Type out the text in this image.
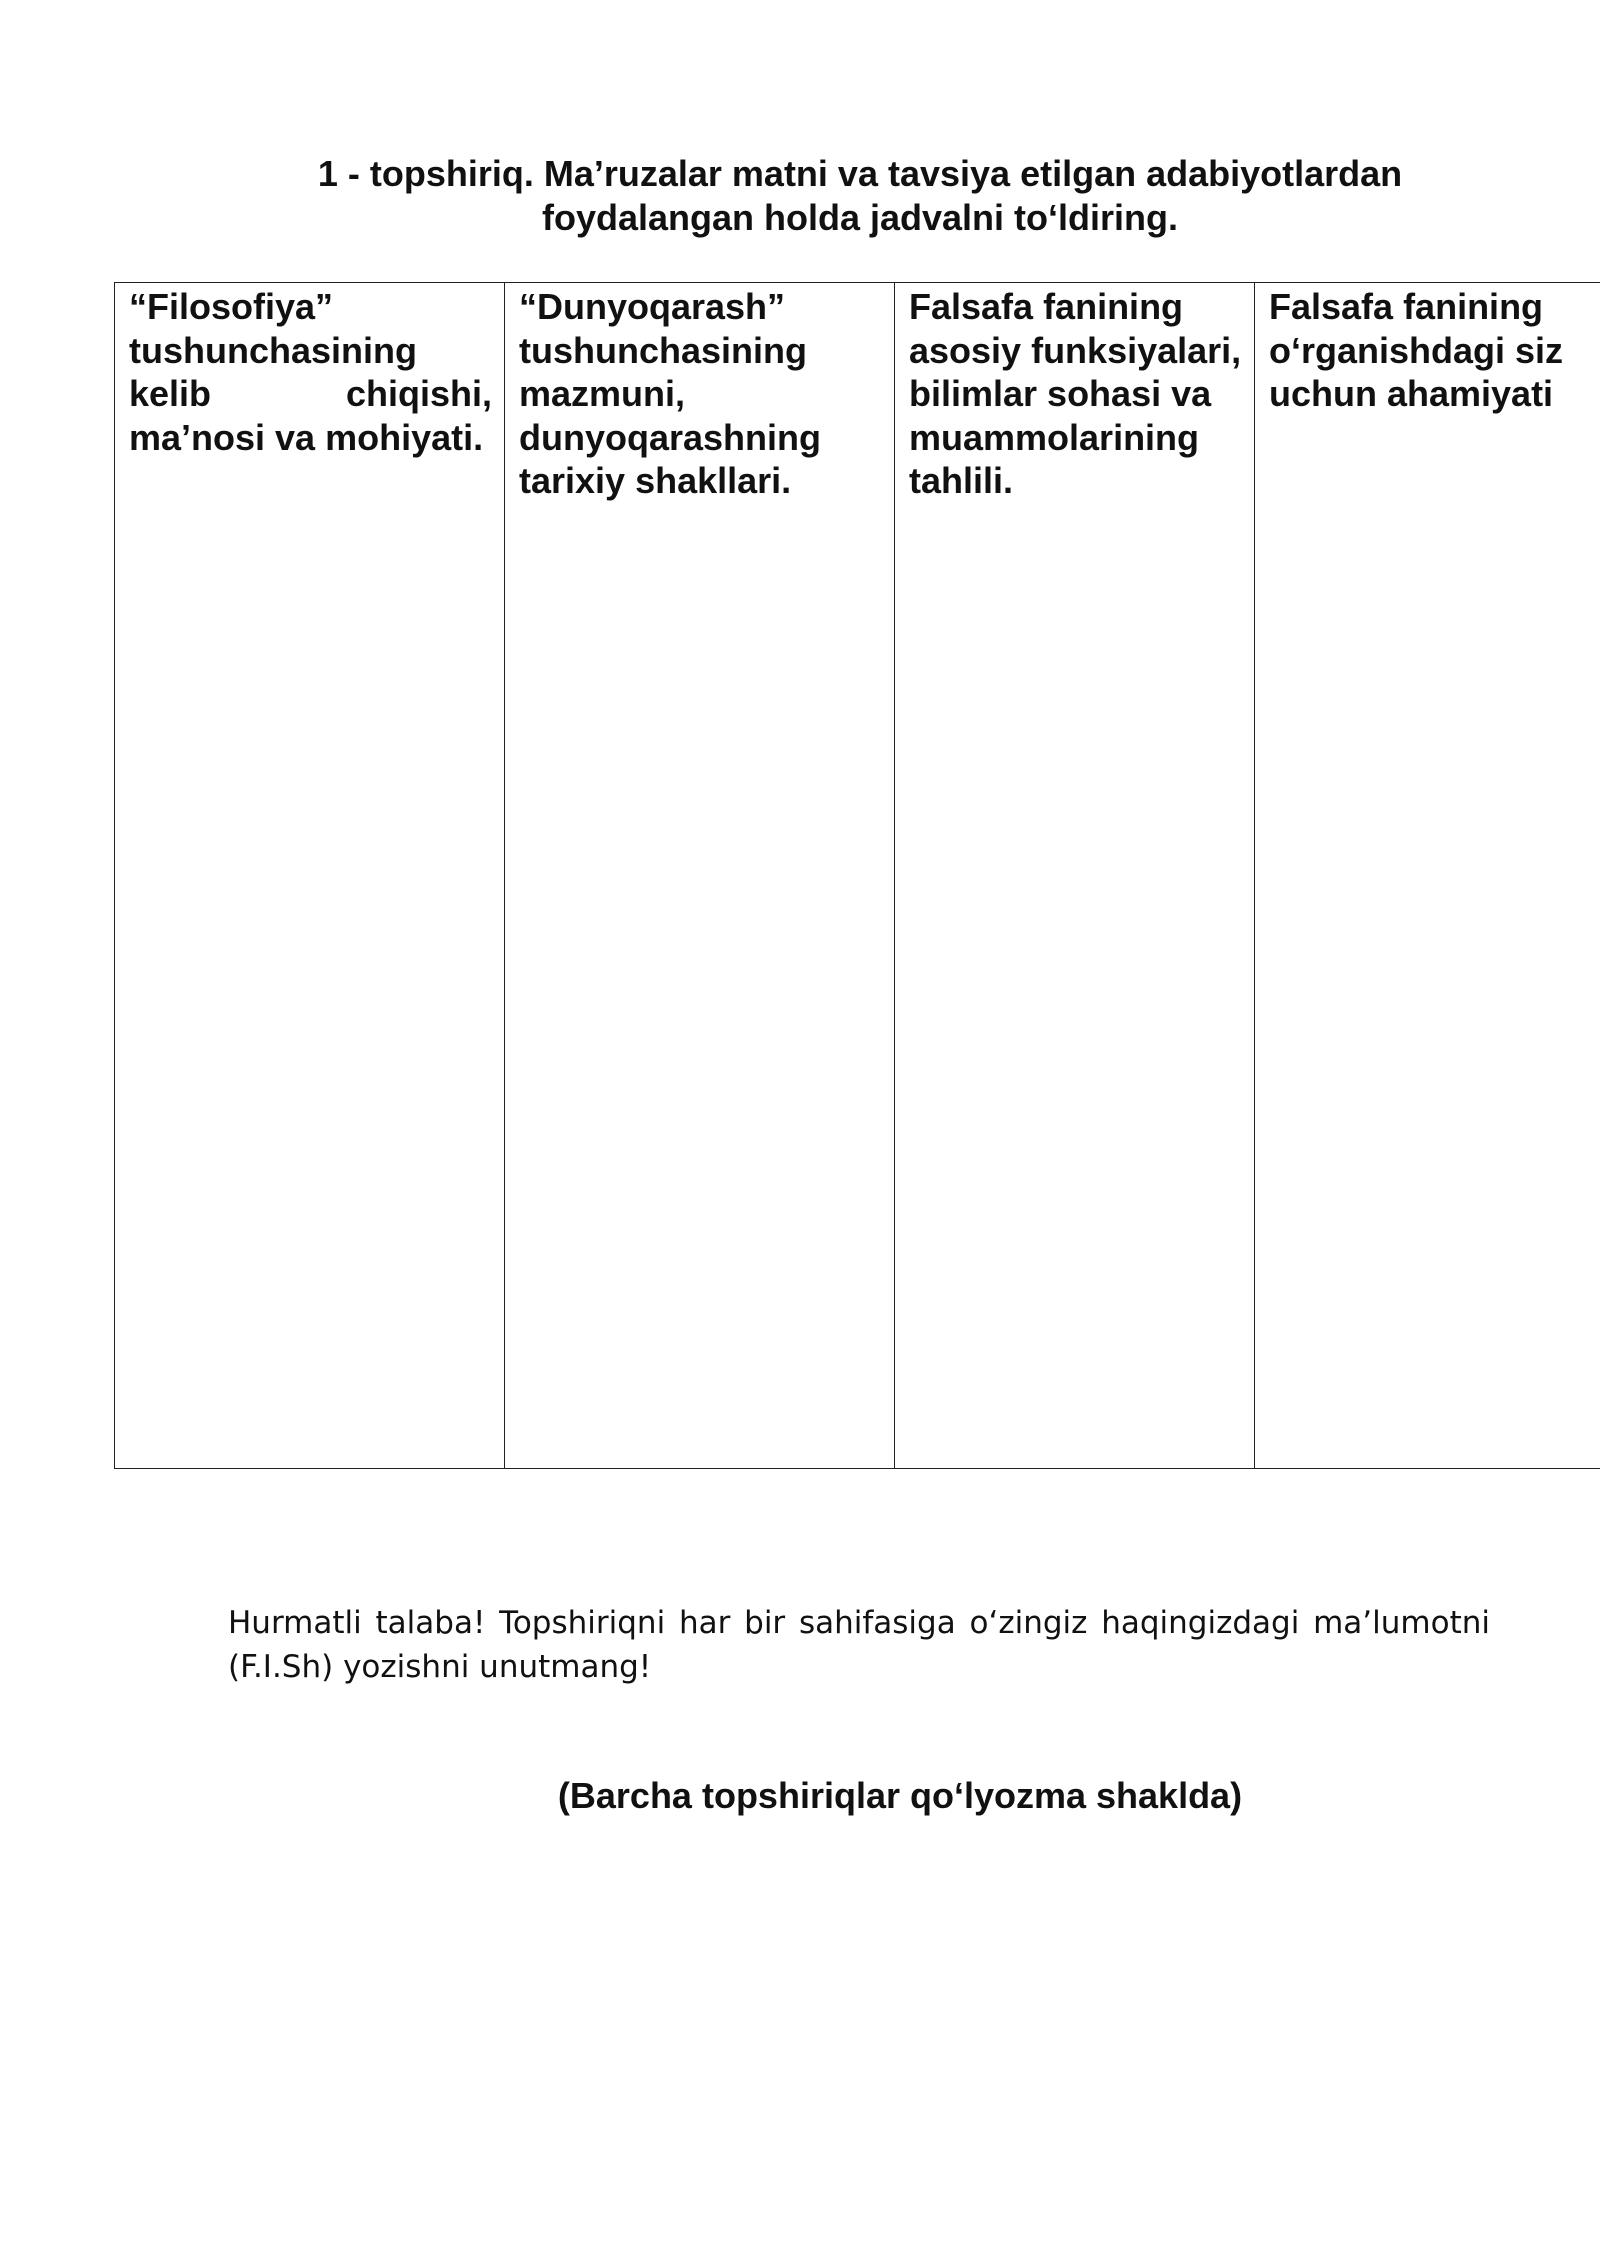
1 - topshiriq. Ma’ruzalar matni va tavsiya etilgan adabiyotlardan
foydalangan holda jadvalni to‘ldiring.
“Filosofiya” tushunchasining kelib chiqishi, ma’nosi va mohiyati.	“Dunyoqarash” tushunchasining mazmuni, dunyoqarashning tarixiy shakllari.	Falsafa fanining asosiy funksiyalari, bilimlar sohasi va muammolarining tahlili.	Falsafa fanining o‘rganishdagi siz uchun ahamiyati

Hurmatli talaba! Topshiriqni har bir sahifasiga o‘zingiz haqingizdagi ma’lumotni (F.I.Sh) yozishni unutmang!

(Barcha topshiriqlar qo‘lyozma shaklda)
